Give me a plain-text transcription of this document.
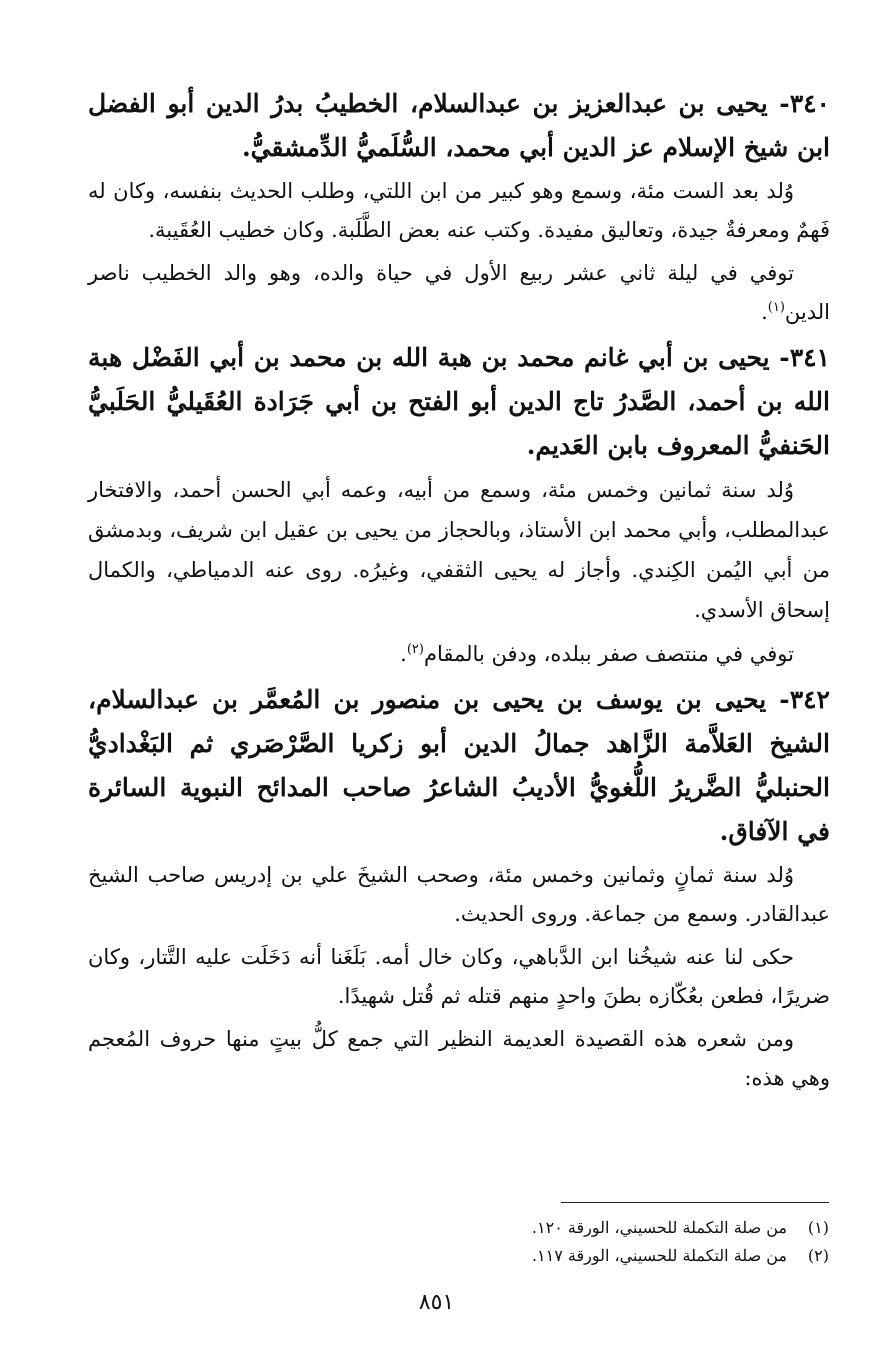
٣٤٠- يحيى بن عبدالعزيز بن عبدالسلام، الخطيبُ بدرُ الدين أبو الفضل ابن شيخ الإسلام عز الدين أبي محمد، السُّلَميُّ الدِّمشقيُّ.

وُلد بعد الست مئة، وسمع وهو كبير من ابن اللتي، وطلب الحديث بنفسه، وكان له فَهمٌ ومعرفةٌ جيدة، وتعاليق مفيدة. وكتب عنه بعض الطَّلَبة. وكان خطيب العُقَيبة.

توفي في ليلة ثاني عشر ربيع الأول في حياة والده، وهو والد الخطيب ناصر الدين$^{(١)}$.

٣٤١- يحيى بن أبي غانم محمد بن هبة الله بن محمد بن أبي الفَضْل هبة الله بن أحمد، الصَّدرُ تاج الدين أبو الفتح بن أبي جَرَادة العُقَيليُّ الحَلَبيُّ الحَنفيُّ المعروف بابن العَديم.

وُلد سنة ثمانين وخمس مئة، وسمع من أبيه، وعمه أبي الحسن أحمد، والافتخار عبدالمطلب، وأبي محمد ابن الأستاذ، وبالحجاز من يحيى بن عقيل ابن شريف، وبدمشق من أبي اليُمن الكِندي. وأجاز له يحيى الثقفي، وغيرُه. روى عنه الدمياطي، والكمال إسحاق الأسدي.

توفي في منتصف صفر ببلده، ودفن بالمقام$^{(٢)}$.

٣٤٢- يحيى بن يوسف بن يحيى بن منصور بن المُعمَّر بن عبدالسلام، الشيخ العَلاَّمة الزَّاهد جمالُ الدين أبو زكريا الصَّرْصَري ثم البَغْداديُّ الحنبليُّ الضَّريرُ اللُّغويُّ الأديبُ الشاعرُ صاحب المدائح النبوية السائرة في الآفاق.

وُلد سنة ثمانٍ وثمانين وخمس مئة، وصحب الشيخَ علي بن إدريس صاحب الشيخ عبدالقادر. وسمع من جماعة. وروى الحديث.

حكى لنا عنه شيخُنا ابن الدَّباهي، وكان خال أمه. بَلَغَنا أنه دَخَلَت عليه التَّتار، وكان ضريرًا، فطعن بعُكّازه بطنَ واحدٍ منهم قتله ثم قُتل شهيدًا.

ومن شعره هذه القصيدة العديمة النظير التي جمع كلُّ بيتٍ منها حروف المُعجم وهي هذه:

(١)
من صلة التكملة للحسيني، الورقة ١٢٠.
(٢)
من صلة التكملة للحسيني، الورقة ١١٧.
٨٥١
